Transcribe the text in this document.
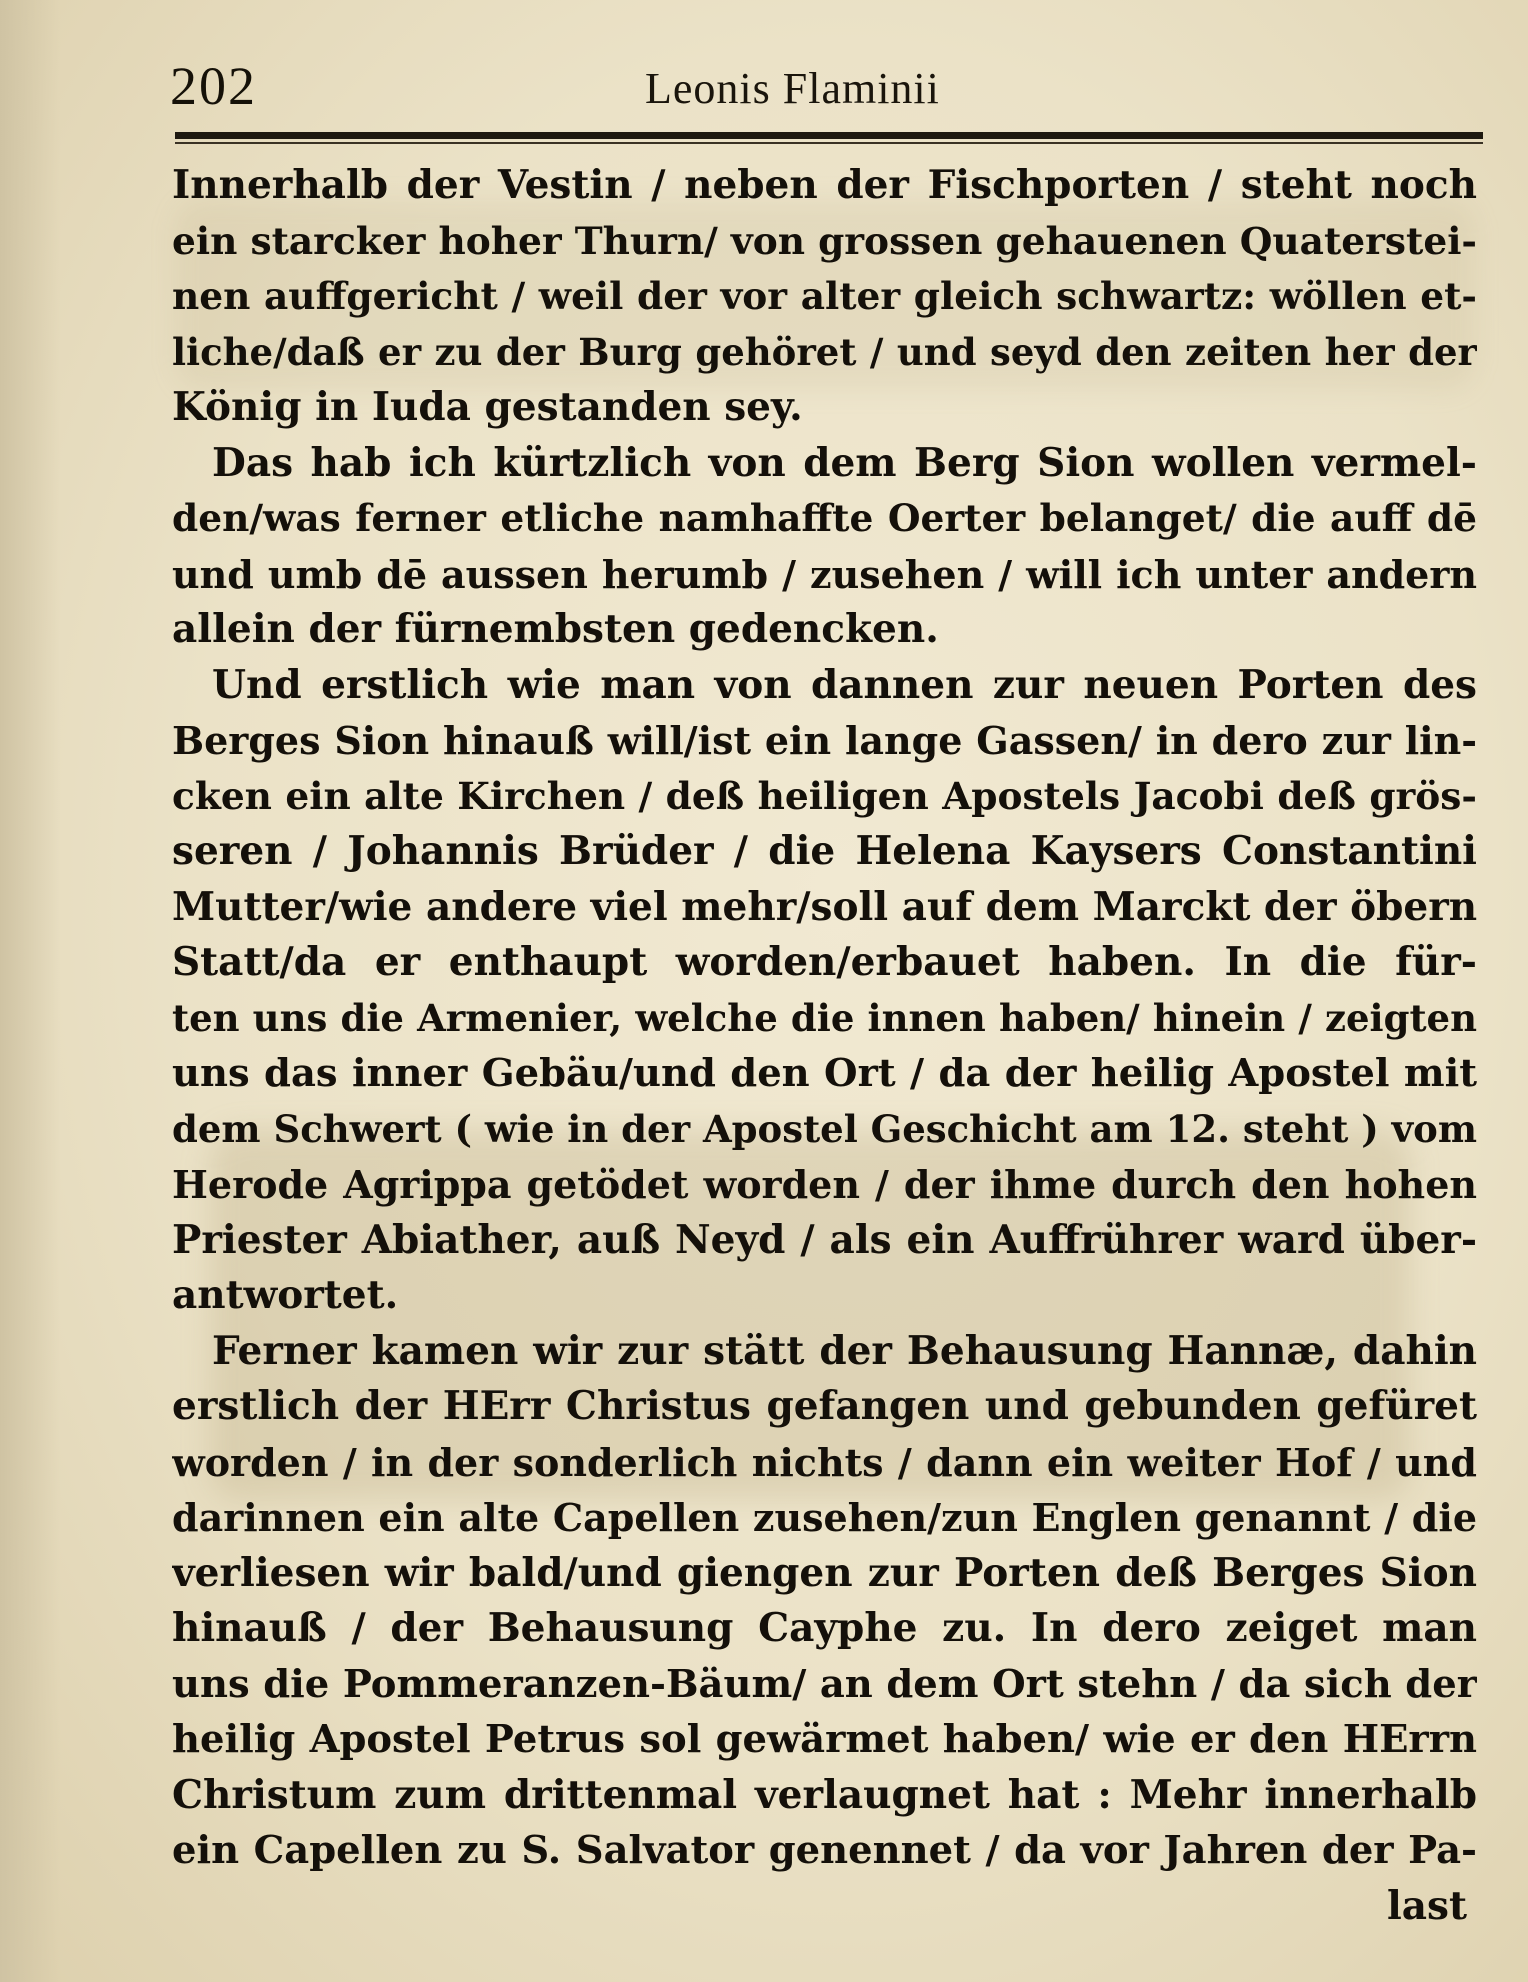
202	Leonis Flaminii
Innerhalb der Vestin / neben der Fischporten / steht noch
ein starcker hoher Thurn/ von grossen gehauenen Quaterstei-
nen auffgericht / weil der vor alter gleich schwartz: wöllen et-
liche/daß er zu der Burg gehöret / und seyd den zeiten her der
König in Iuda gestanden sey.
Das hab ich kürtzlich von dem Berg Sion wollen vermel-
den/was ferner etliche namhaffte Oerter belanget/ die auff dē
und umb dē aussen herumb / zusehen / will ich unter andern
allein der fürnembsten gedencken.
Und erstlich wie man von dannen zur neuen Porten des
Berges Sion hinauß will/ist ein lange Gassen/ in dero zur lin-
cken ein alte Kirchen / deß heiligen Apostels Jacobi deß grös-
seren / Johannis Brüder / die Helena Kaysers Constantini
Mutter/wie andere viel mehr/soll auf dem Marckt der öbern
Statt/da er enthaupt worden/erbauet haben. In die für-
ten uns die Armenier, welche die innen haben/ hinein / zeigten
uns das inner Gebäu/und den Ort / da der heilig Apostel mit
dem Schwert ( wie in der Apostel Geschicht am 12. steht ) vom
Herode Agrippa getödet worden / der ihme durch den hohen
Priester Abiather, auß Neyd / als ein Auffrührer ward über-
antwortet.
Ferner kamen wir zur stätt der Behausung Hannæ, dahin
erstlich der HErr Christus gefangen und gebunden gefüret
worden / in der sonderlich nichts / dann ein weiter Hof / und
darinnen ein alte Capellen zusehen/zun Englen genannt / die
verliesen wir bald/und giengen zur Porten deß Berges Sion
hinauß / der Behausung Cayphe zu. In dero zeiget man
uns die Pommeranzen-Bäum/ an dem Ort stehn / da sich der
heilig Apostel Petrus sol gewärmet haben/ wie er den HErrn
Christum zum drittenmal verlaugnet hat : Mehr innerhalb
ein Capellen zu S. Salvator genennet / da vor Jahren der Pa-
last
